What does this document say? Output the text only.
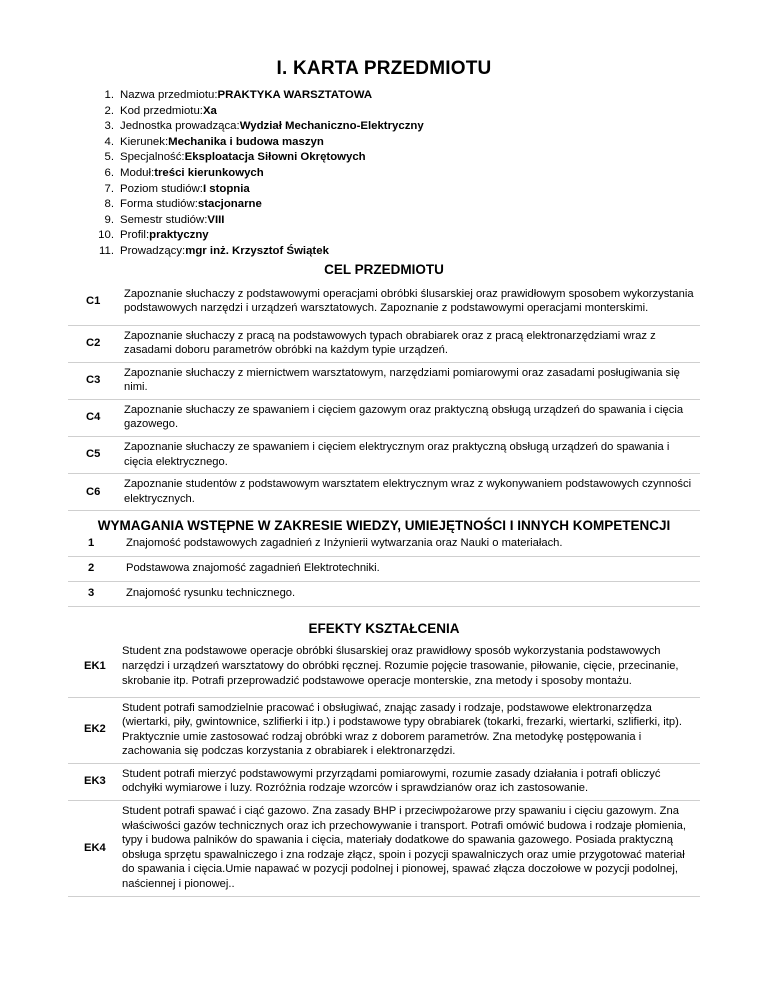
I. KARTA PRZEDMIOTU
1. Nazwa przedmiotu: PRAKTYKA WARSZTATOWA
2. Kod przedmiotu: Xa
3. Jednostka prowadząca: Wydział Mechaniczno-Elektryczny
4. Kierunek: Mechanika i budowa maszyn
5. Specjalność: Eksploatacja Siłowni Okrętowych
6. Moduł: treści kierunkowych
7. Poziom studiów: I stopnia
8. Forma studiów: stacjonarne
9. Semestr studiów: VIII
10. Profil: praktyczny
11. Prowadzący: mgr inż. Krzysztof Świątek
CEL PRZEDMIOTU
C1	Zapoznanie słuchaczy z podstawowymi operacjami obróbki ślusarskiej oraz prawidłowym sposobem wykorzystania podstawowych narzędzi i urządzeń warsztatowych. Zapoznanie z podstawowymi operacjami monterskimi.
C2	Zapoznanie słuchaczy z pracą na podstawowych typach obrabiarek oraz z pracą elektronarzędziami wraz z zasadami doboru parametrów obróbki na każdym typie urządzeń.
C3	Zapoznanie słuchaczy z miernictwem warsztatowym, narzędziami pomiarowymi oraz zasadami posługiwania się nimi.
C4	Zapoznanie słuchaczy ze spawaniem i cięciem gazowym oraz praktyczną obsługą urządzeń do spawania i cięcia gazowego.
C5	Zapoznanie słuchaczy ze spawaniem i cięciem elektrycznym oraz praktyczną obsługą urządzeń do spawania i cięcia elektrycznego.
C6	Zapoznanie studentów z podstawowym warsztatem elektrycznym wraz z wykonywaniem podstawowych czynności elektrycznych.
WYMAGANIA WSTĘPNE W ZAKRESIE WIEDZY, UMIEJĘTNOŚCI I INNYCH KOMPETENCJI
1	Znajomość podstawowych zagadnień z Inżynierii wytwarzania oraz Nauki o materiałach.
2	Podstawowa znajomość zagadnień Elektrotechniki.
3	Znajomość rysunku technicznego.
EFEKTY KSZTAŁCENIA
EK1	Student zna podstawowe operacje obróbki ślusarskiej oraz prawidłowy sposób wykorzystania podstawowych narzędzi i urządzeń warsztatowy do obróbki ręcznej. Rozumie pojęcie trasowanie, piłowanie, cięcie, przecinanie, skrobanie itp. Potrafi przeprowadzić podstawowe operacje monterskie, zna metody i sposoby montażu.
EK2	Student potrafi samodzielnie pracować i obsługiwać, znając zasady i rodzaje, podstawowe elektronarzędza (wiertarki, piły, gwintownice, szlifierki i itp.) i podstawowe typy obrabiarek (tokarki, frezarki, wiertarki, szlifierki, itp). Praktycznie umie zastosować rodzaj obróbki wraz z doborem parametrów. Zna metodykę postępowania i zachowania się podczas korzystania z obrabiarek i elektronarzędzi.
EK3	Student potrafi mierzyć podstawowymi przyrządami pomiarowymi, rozumie zasady działania i potrafi obliczyć odchyłki wymiarowe i luzy. Rozróżnia rodzaje wzorców i sprawdzianów oraz ich zastosowanie.
EK4	Student potrafi spawać i ciąć gazowo. Zna zasady BHP i przeciwpożarowe przy spawaniu i cięciu gazowym. Zna właściwości gazów technicznych oraz ich przechowywanie i transport. Potrafi omówić budowa i rodzaje płomienia, typy i budowa palników do spawania i cięcia, materiały dodatkowe do spawania gazowego. Posiada praktyczną obsługa sprzętu spawalniczego i zna rodzaje złącz, spoin i pozycji spawalniczych oraz umie przygotować materiał do spawania i cięcia.Umie napawać w pozycji podolnej i pionowej, spawać złącza doczołowe w pozycji podolnej, naściennej i pionowej..
